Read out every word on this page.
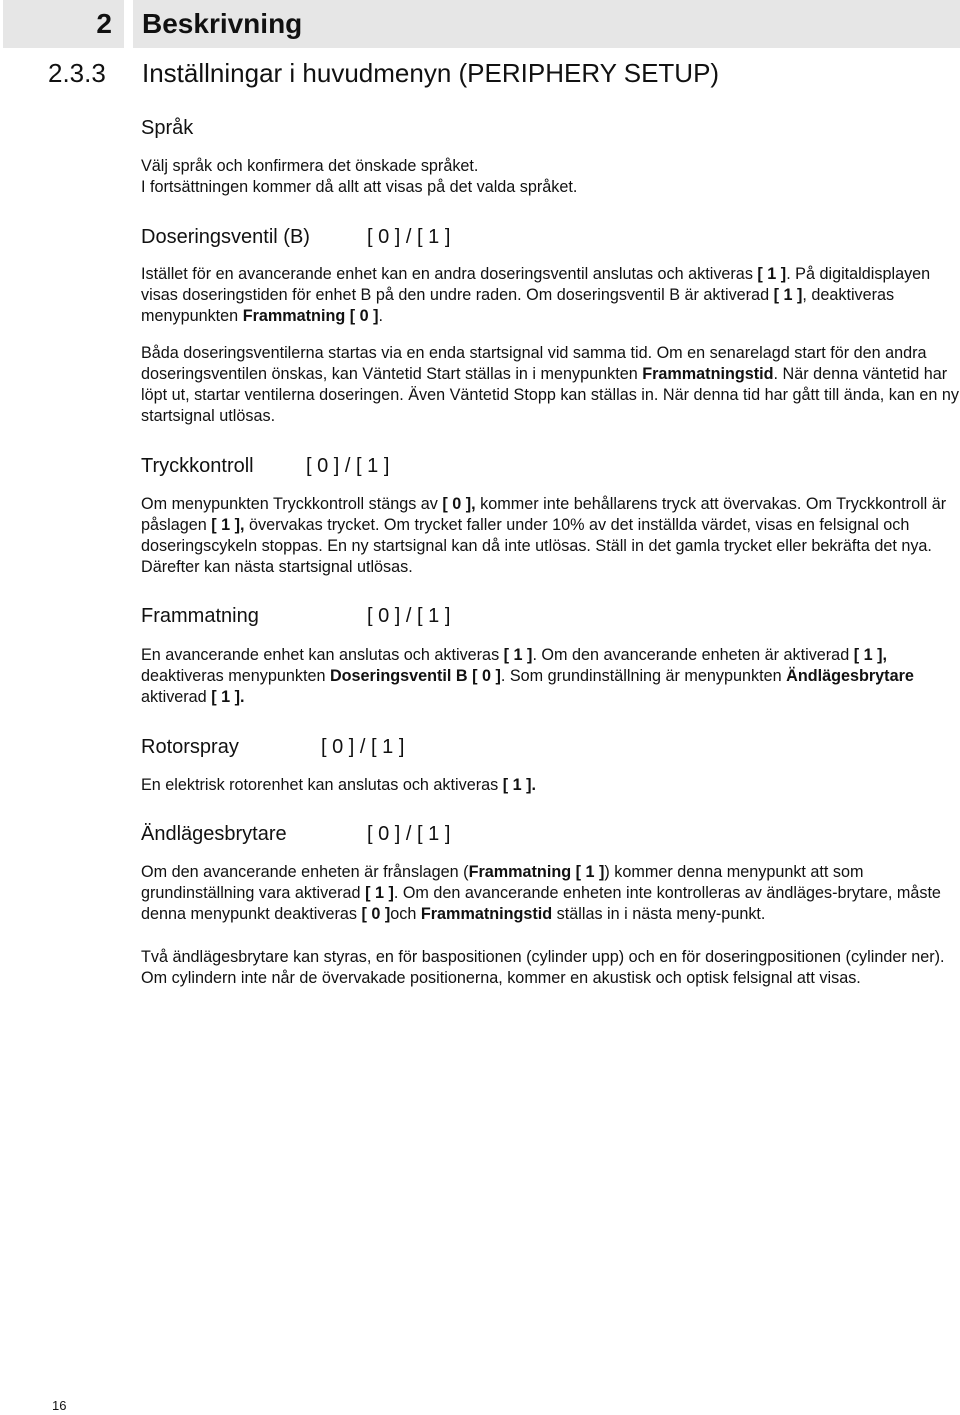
2	Beskrivning
2.3.3 Inställningar i huvudmenyn (PERIPHERY SETUP)
Språk

Välj språk och konfirmera det önskade språket.

I fortsättningen kommer då allt att visas på det valda språket.

Doseringsventil (B)	[ 0 ] / [ 1 ]
Istället för en avancerande enhet kan en andra doseringsventil anslutas och aktiveras [ 1 ]. På digitaldisplayen visas doseringstiden för enhet B på den undre raden. Om doseringsventil B är aktiverad [ 1 ], deaktiveras menypunkten Frammatning [ 0 ].
Båda doseringsventilerna startas via en enda startsignal vid samma tid. Om en senarelagd start för den andra doseringsventilen önskas, kan Väntetid Start ställas in i menypunkten Frammatningstid. När denna väntetid har löpt ut, startar ventilerna doseringen. Även Väntetid Stopp kan ställas in. När denna tid har gått till ända, kan en ny startsignal utlösas.
Tryckkontroll	[ 0 ] / [ 1 ]
Om menypunkten Tryckkontroll stängs av [ 0 ], kommer inte behållarens tryck att övervakas. Om Tryckkontroll är påslagen [ 1 ], övervakas trycket. Om trycket faller under 10% av det inställda värdet, visas en felsignal och doseringscykeln stoppas. En ny startsignal kan då inte utlösas. Ställ in det gamla trycket eller bekräfta det nya. Därefter kan nästa startsignal utlösas.
Frammatning	[ 0 ] / [ 1 ]
En avancerande enhet kan anslutas och aktiveras [ 1 ]. Om den avancerande enheten är aktiverad [ 1 ], deaktiveras menypunkten Doseringsventil B [ 0 ]. Som grundinställning är menypunkten Ändlägesbrytare aktiverad [ 1 ].
Rotorspray	[ 0 ] / [ 1 ]
En elektrisk rotorenhet kan anslutas och aktiveras [ 1 ].
Ändlägesbrytare	[ 0 ] / [ 1 ]
Om den avancerande enheten är frånslagen (Frammatning [ 1 ]) kommer denna menypunkt att som grundinställning vara aktiverad [ 1 ]. Om den avancerande enheten inte kontrolleras av ändläges-brytare, måste denna menypunkt deaktiveras [ 0 ]och Frammatningstid ställas in i nästa meny-punkt.
Två ändlägesbrytare kan styras, en för baspositionen (cylinder upp) och en för doseringpositionen (cylinder ner). Om cylindern inte når de övervakade positionerna, kommer en akustisk och optisk felsignal att visas.
16
